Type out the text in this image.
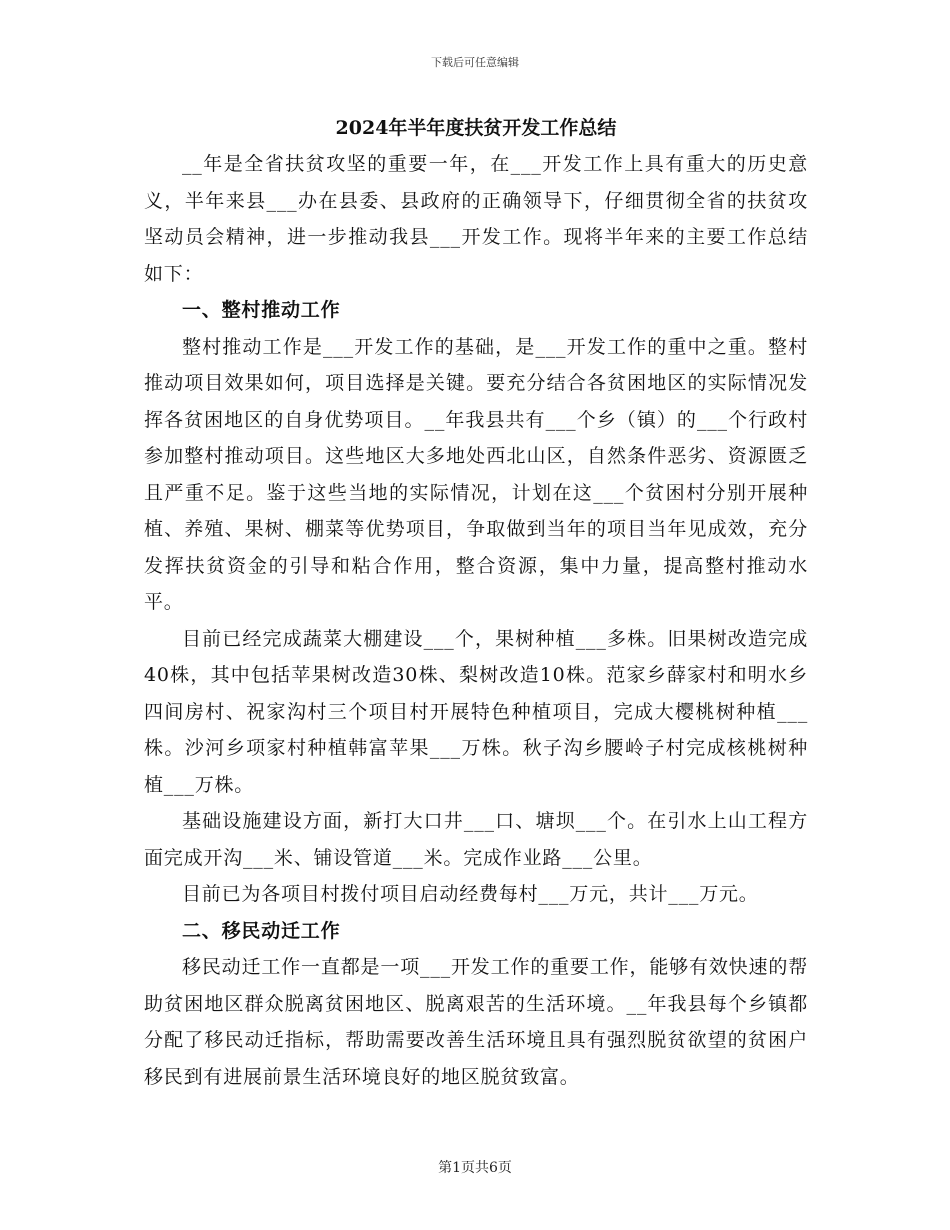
下载后可任意编辑
2024年半年度扶贫开发工作总结

__年是全省扶贫攻坚的重要一年，在___开发工作上具有重大的历史意义，半年来县___办在县委、县政府的正确领导下，仔细贯彻全省的扶贫攻坚动员会精神，进一步推动我县___开发工作。现将半年来的主要工作总结如下：

一、整村推动工作

整村推动工作是___开发工作的基础，是___开发工作的重中之重。整村推动项目效果如何，项目选择是关键。要充分结合各贫困地区的实际情况发挥各贫困地区的自身优势项目。__年我县共有___个乡（镇）的___个行政村参加整村推动项目。这些地区大多地处西北山区，自然条件恶劣、资源匮乏且严重不足。鉴于这些当地的实际情况，计划在这___个贫困村分别开展种植、养殖、果树、棚菜等优势项目，争取做到当年的项目当年见成效，充分发挥扶贫资金的引导和粘合作用，整合资源，集中力量，提高整村推动水平。

目前已经完成蔬菜大棚建设___个，果树种植___多株。旧果树改造完成40株，其中包括苹果树改造30株、梨树改造10株。范家乡薛家村和明水乡四间房村、祝家沟村三个项目村开展特色种植项目，完成大樱桃树种植___株。沙河乡项家村种植韩富苹果___万株。秋子沟乡腰岭子村完成核桃树种植___万株。

基础设施建设方面，新打大口井___口、塘坝___个。在引水上山工程方面完成开沟___米、铺设管道___米。完成作业路___公里。

目前已为各项目村拨付项目启动经费每村___万元，共计___万元。

二、移民动迁工作

移民动迁工作一直都是一项___开发工作的重要工作，能够有效快速的帮助贫困地区群众脱离贫困地区、脱离艰苦的生活环境。__年我县每个乡镇都分配了移民动迁指标，帮助需要改善生活环境且具有强烈脱贫欲望的贫困户移民到有进展前景生活环境良好的地区脱贫致富。

第1页共6页
